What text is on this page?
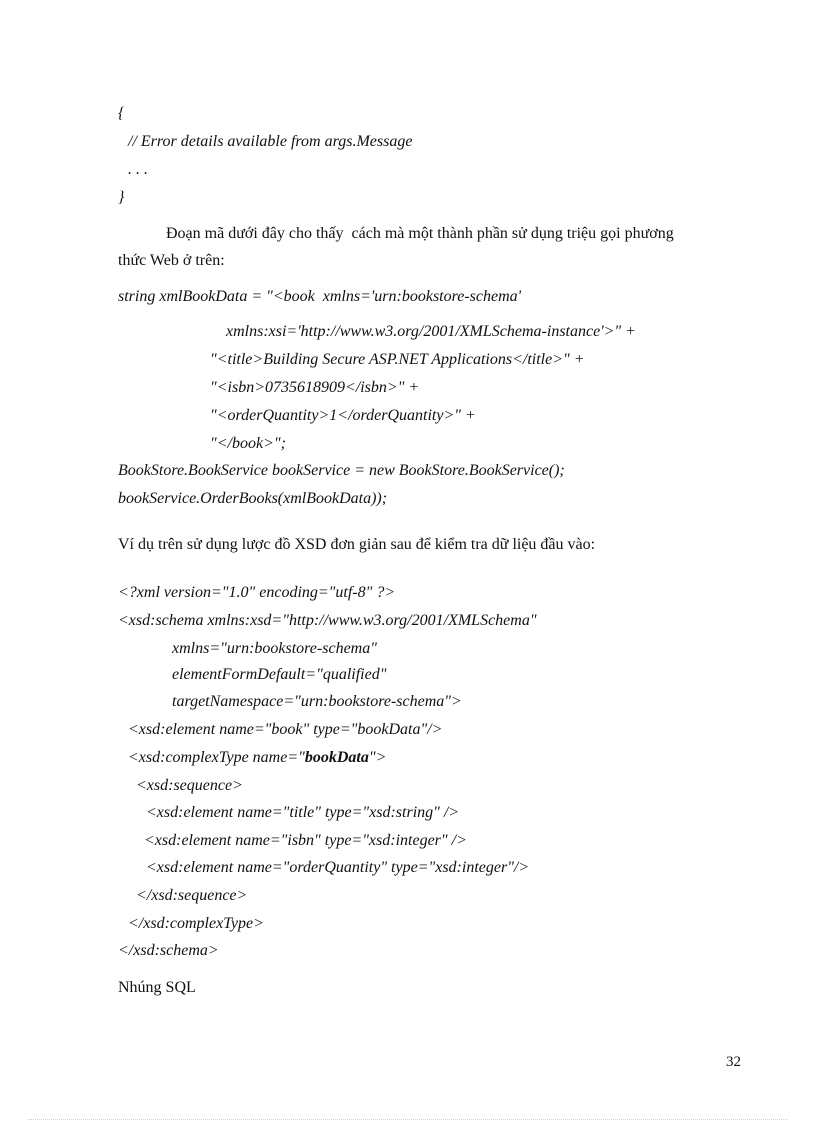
{
// Error details available from args.Message
. . .
}
Đoạn mã dưới đây cho thấy  cách mà một thành phần sử dụng triệu gọi phương
thức Web ở trên:
string xmlBookData = "<book  xmlns='urn:bookstore-schema'
xmlns:xsi='http://www.w3.org/2001/XMLSchema-instance'>" +
"<title>Building Secure ASP.NET Applications</title>" +
"<isbn>0735618909</isbn>" +
"<orderQuantity>1</orderQuantity>" +
"</book>";
BookStore.BookService bookService = new BookStore.BookService();
bookService.OrderBooks(xmlBookData));
Ví dụ trên sử dụng lược đồ XSD đơn giản sau để kiểm tra dữ liệu đầu vào:
<?xml version="1.0" encoding="utf-8" ?>
<xsd:schema xmlns:xsd="http://www.w3.org/2001/XMLSchema"
xmlns="urn:bookstore-schema"
elementFormDefault="qualified"
targetNamespace="urn:bookstore-schema">
<xsd:element name="book" type="bookData"/>
<xsd:complexType name="bookData">
<xsd:sequence>
<xsd:element name="title" type="xsd:string" />
<xsd:element name="isbn" type="xsd:integer" />
<xsd:element name="orderQuantity" type="xsd:integer"/>
</xsd:sequence>
</xsd:complexType>
</xsd:schema>
Nhúng SQL
32
